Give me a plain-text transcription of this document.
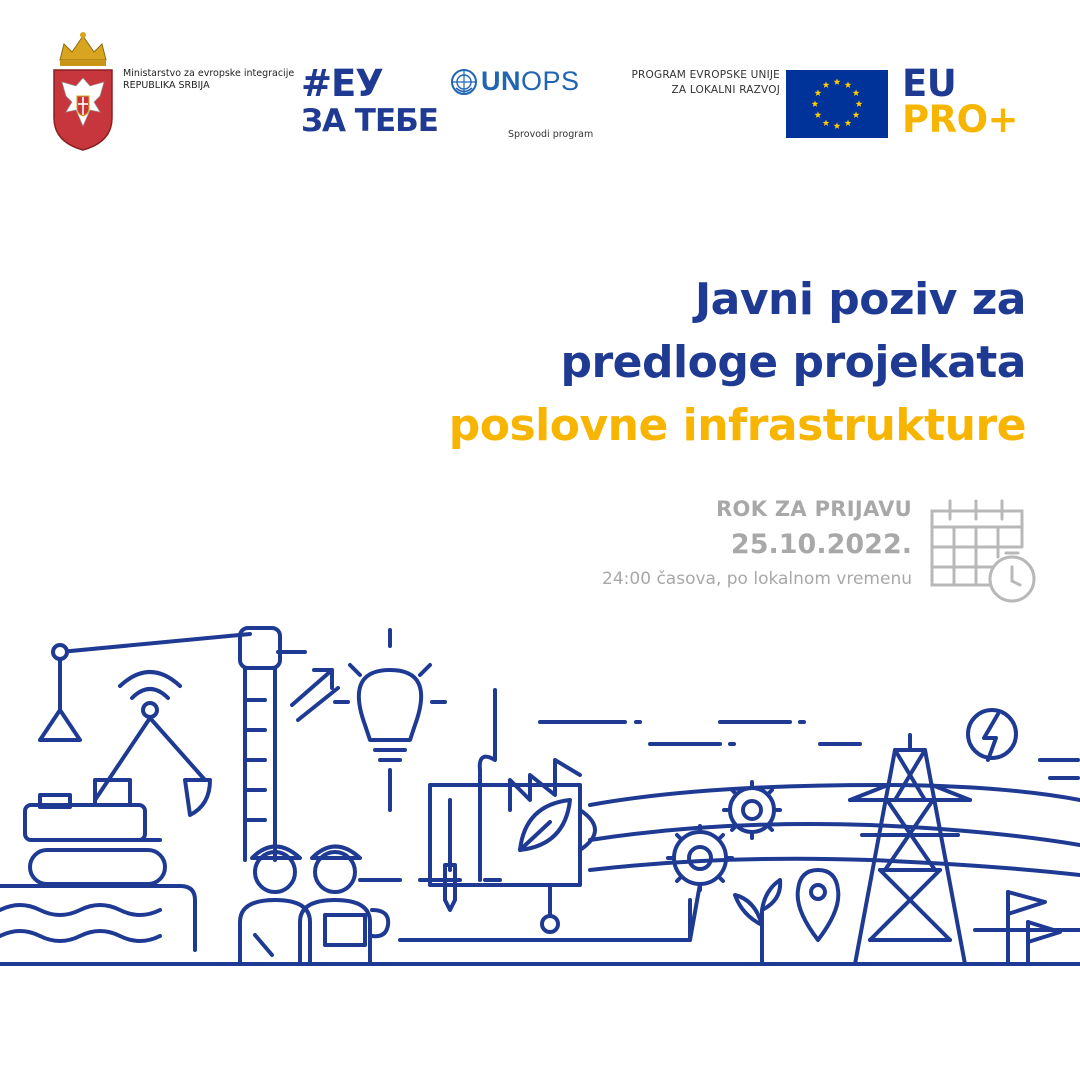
Ministarstvo za evropske integracije
REPUBLIKA SRBIJA	#ЕУ
ЗА ТЕБЕ
UNOPS
Sprovodi program
PROGRAM EVROPSKE UNIJE
ZA LOKALNI RAZVOJ	EU
PRO+
Javni poziv za
predloge projekata
poslovne infrastrukture
ROK ZA PRIJAVU
25.10.2022.
24:00 časova, po lokalnom vremenu
